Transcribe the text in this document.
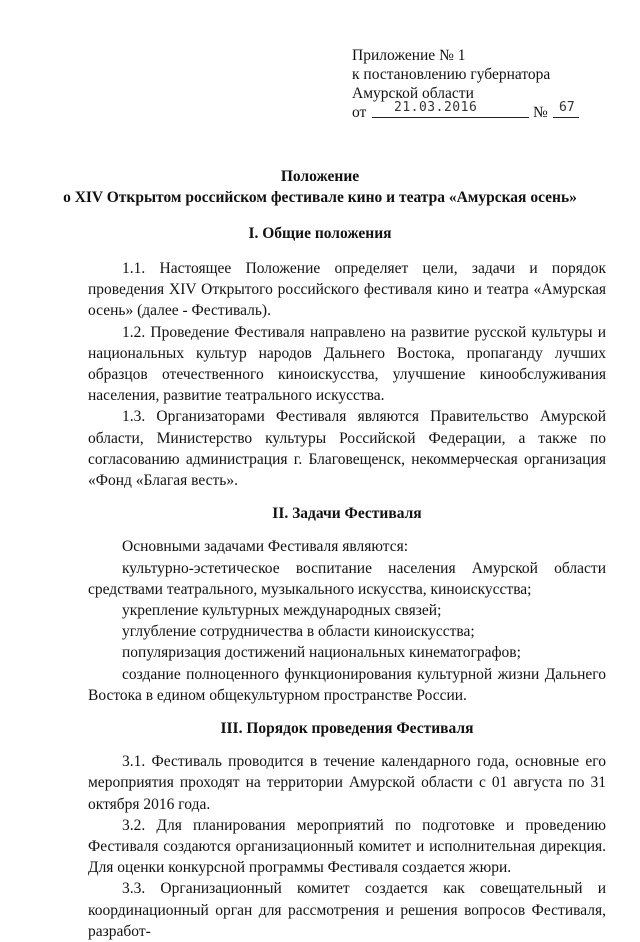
Приложение № 1
к постановлению губернатора
Амурской области
от 21.03.2016	№ 67
Положение
о XIV Открытом российском фестивале кино и театра «Амурская осень»
I. Общие положения

1.1. Настоящее Положение определяет цели, задачи и порядок проведения XIV Открытого российского фестиваля кино и театра «Амурская осень» (далее - Фестиваль).

1.2. Проведение Фестиваля направлено на развитие русской культуры и национальных культур народов Дальнего Востока, пропаганду лучших образцов отечественного киноискусства, улучшение кинообслуживания населения, развитие театрального искусства.

1.3. Организаторами Фестиваля являются Правительство Амурской области, Министерство культуры Российской Федерации, а также по согласованию администрация г. Благовещенск, некоммерческая организация «Фонд «Благая весть».

II. Задачи Фестиваля

Основными задачами Фестиваля являются:

культурно-эстетическое воспитание населения Амурской области средствами театрального, музыкального искусства, киноискусства;

укрепление культурных международных связей;

углубление сотрудничества в области киноискусства;

популяризация достижений национальных кинематографов;

создание полноценного функционирования культурной жизни Дальнего Востока в едином общекультурном пространстве России.

III. Порядок проведения Фестиваля

3.1. Фестиваль проводится в течение календарного года, основные его мероприятия проходят на территории Амурской области с 01 августа по 31 октября 2016 года.

3.2. Для планирования мероприятий по подготовке и проведению Фестиваля создаются организационный комитет и исполнительная дирекция. Для оценки конкурсной программы Фестиваля создается жюри.

3.3. Организационный комитет создается как совещательный и координационный орган для рассмотрения и решения вопросов Фестиваля, разработ-
